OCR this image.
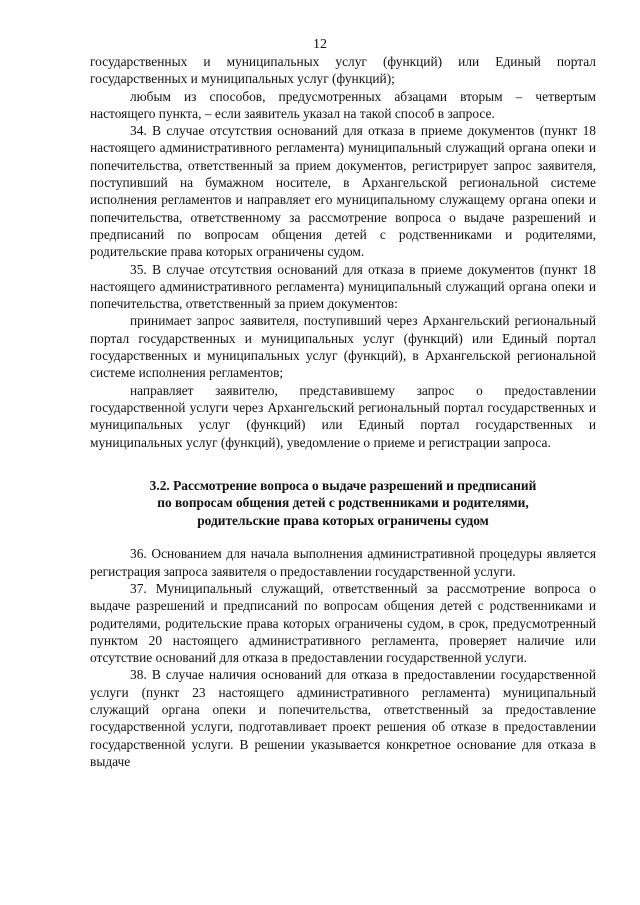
12

государственных и муниципальных услуг (функций) или Единый портал государственных и муниципальных услуг (функций);

любым из способов, предусмотренных абзацами вторым – четвертым настоящего пункта, – если заявитель указал на такой способ в запросе.

34. В случае отсутствия оснований для отказа в приеме документов (пункт 18 настоящего административного регламента) муниципальный служащий органа опеки и попечительства, ответственный за прием документов, регистрирует запрос заявителя, поступивший на бумажном носителе, в Архангельской региональной системе исполнения регламентов и направляет его муниципальному служащему органа опеки и попечительства, ответственному за рассмотрение вопроса о выдаче разрешений и предписаний по вопросам общения детей с родственниками и родителями, родительские права которых ограничены судом.

35. В случае отсутствия оснований для отказа в приеме документов (пункт 18 настоящего административного регламента) муниципальный служащий органа опеки и попечительства, ответственный за прием документов:

принимает запрос заявителя, поступивший через Архангельский региональный портал государственных и муниципальных услуг (функций) или Единый портал государственных и муниципальных услуг (функций), в Архангельской региональной системе исполнения регламентов;

направляет заявителю, представившему запрос о предоставлении государственной услуги через Архангельский региональный портал государственных и муниципальных услуг (функций) или Единый портал государственных и муниципальных услуг (функций), уведомление о приеме и регистрации запроса.

3.2. Рассмотрение вопроса о выдаче разрешений и предписаний
по вопросам общения детей с родственниками и родителями,
родительские права которых ограничены судом

36. Основанием для начала выполнения административной процедуры является регистрация запроса заявителя о предоставлении государственной услуги.

37. Муниципальный служащий, ответственный за рассмотрение вопроса о выдаче разрешений и предписаний по вопросам общения детей с родственниками и родителями, родительские права которых ограничены судом, в срок, предусмотренный пунктом 20 настоящего административного регламента, проверяет наличие или отсутствие оснований для отказа в предоставлении государственной услуги.

38. В случае наличия оснований для отказа в предоставлении государственной услуги (пункт 23 настоящего административного регламента) муниципальный служащий органа опеки и попечительства, ответственный за предоставление государственной услуги, подготавливает проект решения об отказе в предоставлении государственной услуги. В решении указывается конкретное основание для отказа в выдаче
